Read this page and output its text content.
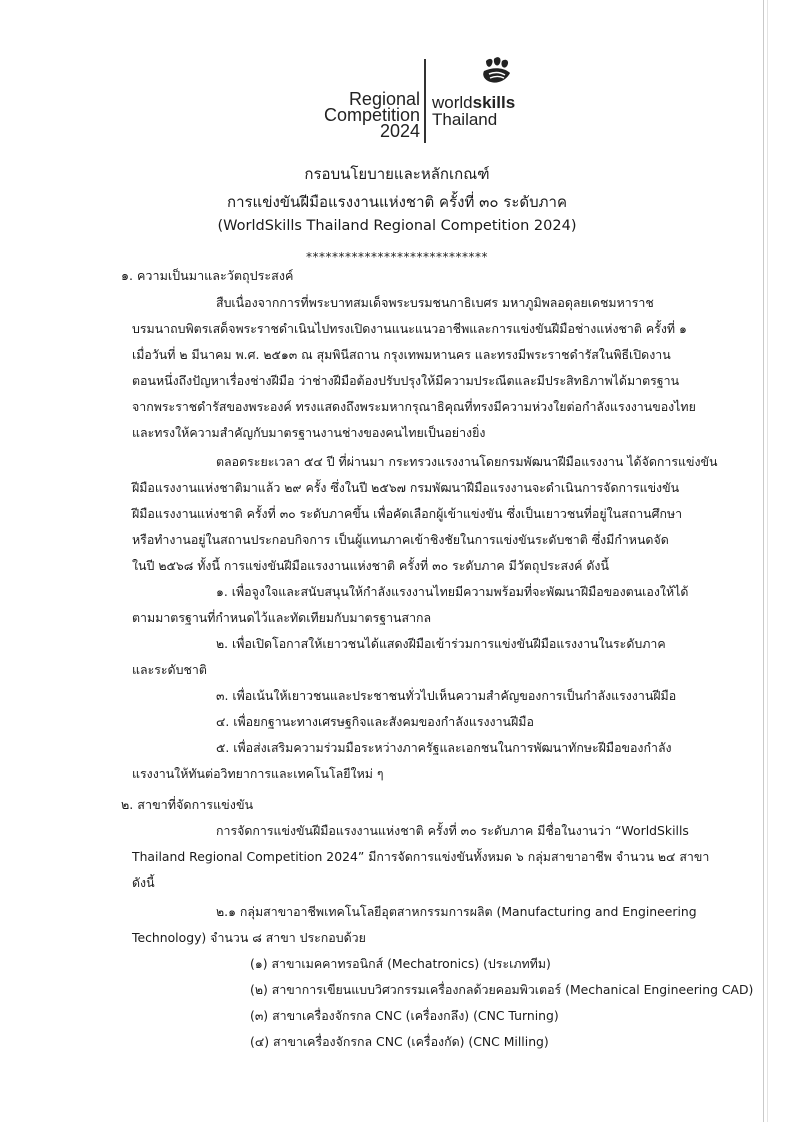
Regional
Competition
2024
worldskills
Thailand
กรอบนโยบายและหลักเกณฑ์
การแข่งขันฝีมือแรงงานแห่งชาติ ครั้งที่ ๓๐ ระดับภาค
(WorldSkills Thailand Regional Competition 2024)
****************************
๑. ความเป็นมาและวัตถุประสงค์
สืบเนื่องจากการที่พระบาทสมเด็จพระบรมชนกาธิเบศร มหาภูมิพลอดุลยเดชมหาราช
บรมนาถบพิตรเสด็จพระราชดำเนินไปทรงเปิดงานแนะแนวอาชีพและการแข่งขันฝีมือช่างแห่งชาติ ครั้งที่ ๑
เมื่อวันที่ ๒ มีนาคม พ.ศ. ๒๕๑๓ ณ สุมพินีสถาน กรุงเทพมหานคร และทรงมีพระราชดำรัสในพิธีเปิดงาน
ตอนหนึ่งถึงปัญหาเรื่องช่างฝีมือ ว่าช่างฝีมือต้องปรับปรุงให้มีความประณีตและมีประสิทธิภาพได้มาตรฐาน
จากพระราชดำรัสของพระองค์ ทรงแสดงถึงพระมหากรุณาธิคุณที่ทรงมีความห่วงใยต่อกำลังแรงงานของไทย
และทรงให้ความสำคัญกับมาตรฐานงานช่างของคนไทยเป็นอย่างยิ่ง
ตลอดระยะเวลา ๕๔ ปี ที่ผ่านมา กระทรวงแรงงานโดยกรมพัฒนาฝีมือแรงงาน ได้จัดการแข่งขัน
ฝีมือแรงงานแห่งชาติมาแล้ว ๒๙ ครั้ง ซึ่งในปี ๒๕๖๗ กรมพัฒนาฝีมือแรงงานจะดำเนินการจัดการแข่งขัน
ฝีมือแรงงานแห่งชาติ ครั้งที่ ๓๐ ระดับภาคขึ้น เพื่อคัดเลือกผู้เข้าแข่งขัน ซึ่งเป็นเยาวชนที่อยู่ในสถานศึกษา
หรือทำงานอยู่ในสถานประกอบกิจการ เป็นผู้แทนภาคเข้าชิงชัยในการแข่งขันระดับชาติ ซึ่งมีกำหนดจัด
ในปี ๒๕๖๘ ทั้งนี้ การแข่งขันฝีมือแรงงานแห่งชาติ ครั้งที่ ๓๐ ระดับภาค มีวัตถุประสงค์ ดังนี้
๑. เพื่อจูงใจและสนับสนุนให้กำลังแรงงานไทยมีความพร้อมที่จะพัฒนาฝีมือของตนเองให้ได้
ตามมาตรฐานที่กำหนดไว้และทัดเทียมกับมาตรฐานสากล
๒. เพื่อเปิดโอกาสให้เยาวชนได้แสดงฝีมือเข้าร่วมการแข่งขันฝีมือแรงงานในระดับภาค
และระดับชาติ
๓. เพื่อเน้นให้เยาวชนและประชาชนทั่วไปเห็นความสำคัญของการเป็นกำลังแรงงานฝีมือ
๔. เพื่อยกฐานะทางเศรษฐกิจและสังคมของกำลังแรงงานฝีมือ
๕. เพื่อส่งเสริมความร่วมมือระหว่างภาครัฐและเอกชนในการพัฒนาทักษะฝีมือของกำลัง
แรงงานให้ทันต่อวิทยาการและเทคโนโลยีใหม่ ๆ
๒. สาขาที่จัดการแข่งขัน
การจัดการแข่งขันฝีมือแรงงานแห่งชาติ ครั้งที่ ๓๐ ระดับภาค มีชื่อในงานว่า “WorldSkills
Thailand Regional Competition 2024” มีการจัดการแข่งขันทั้งหมด ๖ กลุ่มสาขาอาชีพ จำนวน ๒๔ สาขา
ดังนี้
๒.๑ กลุ่มสาขาอาชีพเทคโนโลยีอุตสาหกรรมการผลิต (Manufacturing and Engineering
Technology) จำนวน ๘ สาขา ประกอบด้วย
(๑) สาขาเมคคาทรอนิกส์ (Mechatronics) (ประเภททีม)
(๒) สาขาการเขียนแบบวิศวกรรมเครื่องกลด้วยคอมพิวเตอร์ (Mechanical Engineering CAD)
(๓) สาขาเครื่องจักรกล CNC (เครื่องกลึง) (CNC Turning)
(๔) สาขาเครื่องจักรกล CNC (เครื่องกัด) (CNC Milling)
